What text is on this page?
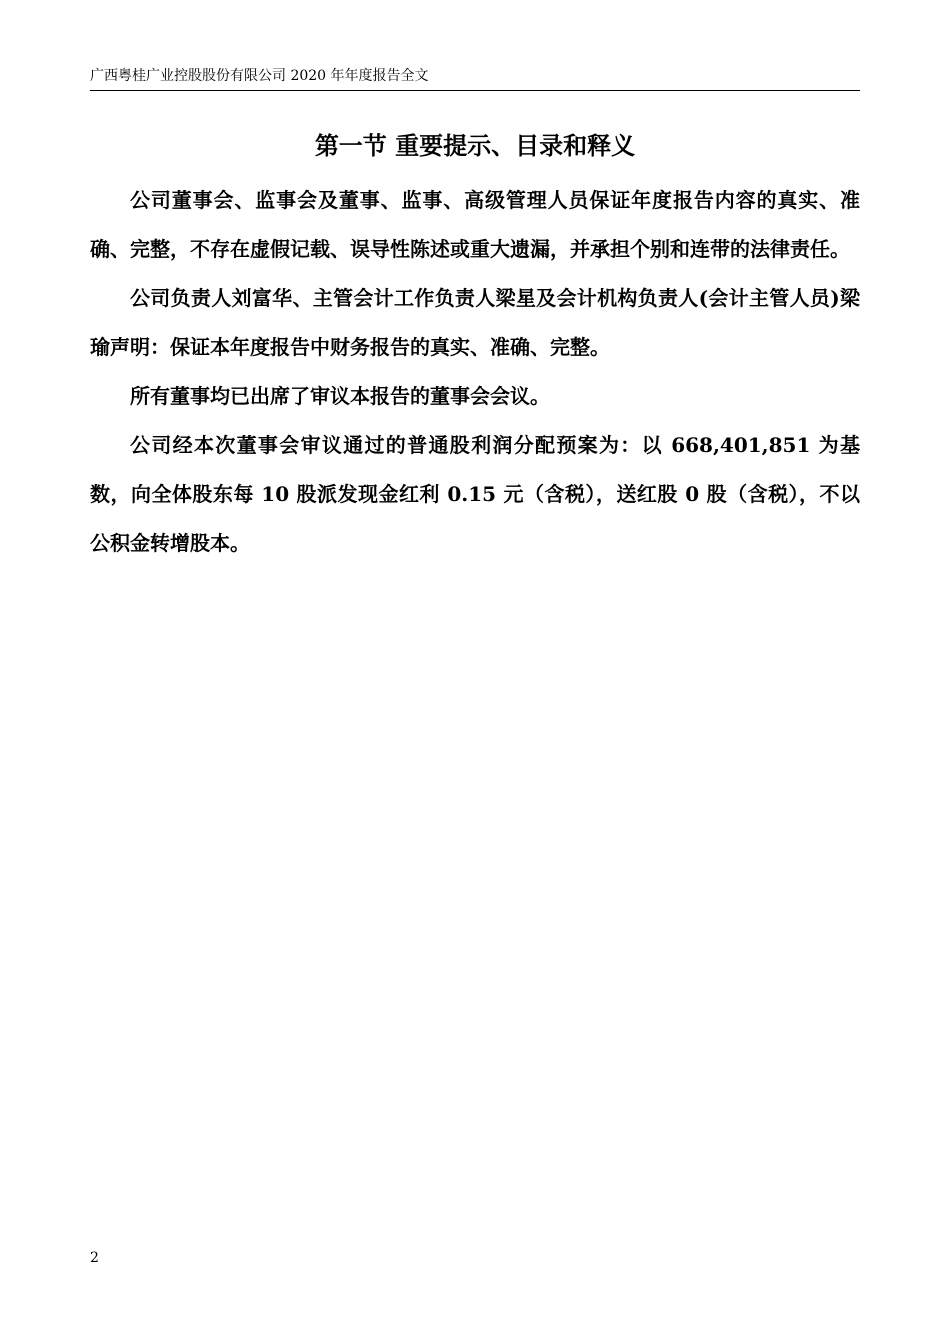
广西粤桂广业控股股份有限公司 2020 年年度报告全文
第一节 重要提示、目录和释义

公司董事会、监事会及董事、监事、高级管理人员保证年度报告内容的真实、准确、完整，不存在虚假记载、误导性陈述或重大遗漏，并承担个别和连带的法律责任。

公司负责人刘富华、主管会计工作负责人梁星及会计机构负责人(会计主管人员)梁瑜声明：保证本年度报告中财务报告的真实、准确、完整。

所有董事均已出席了审议本报告的董事会会议。

公司经本次董事会审议通过的普通股利润分配预案为：以 668,401,851 为基数，向全体股东每 10 股派发现金红利 0.15 元（含税），送红股 0 股（含税），不以公积金转增股本。

2
